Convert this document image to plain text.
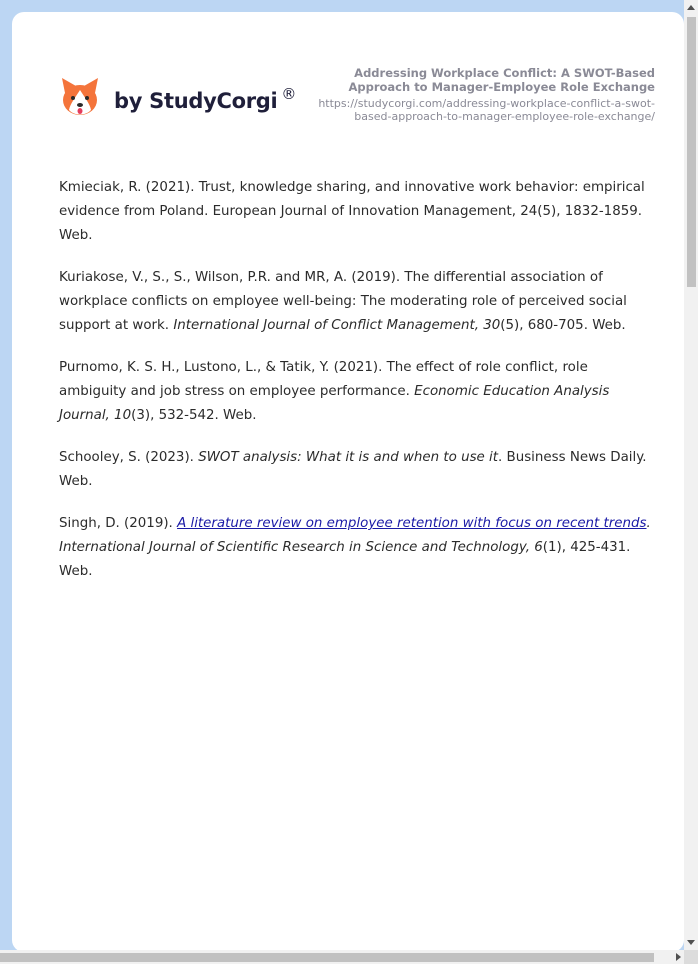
by StudyCorgi ®
Addressing Workplace Conflict: A SWOT-Based Approach to Manager-Employee Role Exchange
https://studycorgi.com/addressing-workplace-conflict-a-swot-based-approach-to-manager-employee-role-exchange/

Kmieciak, R. (2021). Trust, knowledge sharing, and innovative work behavior: empirical evidence from Poland. European Journal of Innovation Management, 24(5), 1832-1859. Web.

Kuriakose, V., S., S., Wilson, P.R. and MR, A. (2019). The differential association of workplace conflicts on employee well-being: The moderating role of perceived social support at work. International Journal of Conflict Management, 30(5), 680-705. Web.

Purnomo, K. S. H., Lustono, L., & Tatik, Y. (2021). The effect of role conflict, role ambiguity and job stress on employee performance. Economic Education Analysis Journal, 10(3), 532-542. Web.

Schooley, S. (2023). SWOT analysis: What it is and when to use it. Business News Daily. Web.

Singh, D. (2019). A literature review on employee retention with focus on recent trends. International Journal of Scientific Research in Science and Technology, 6(1), 425-431. Web.
